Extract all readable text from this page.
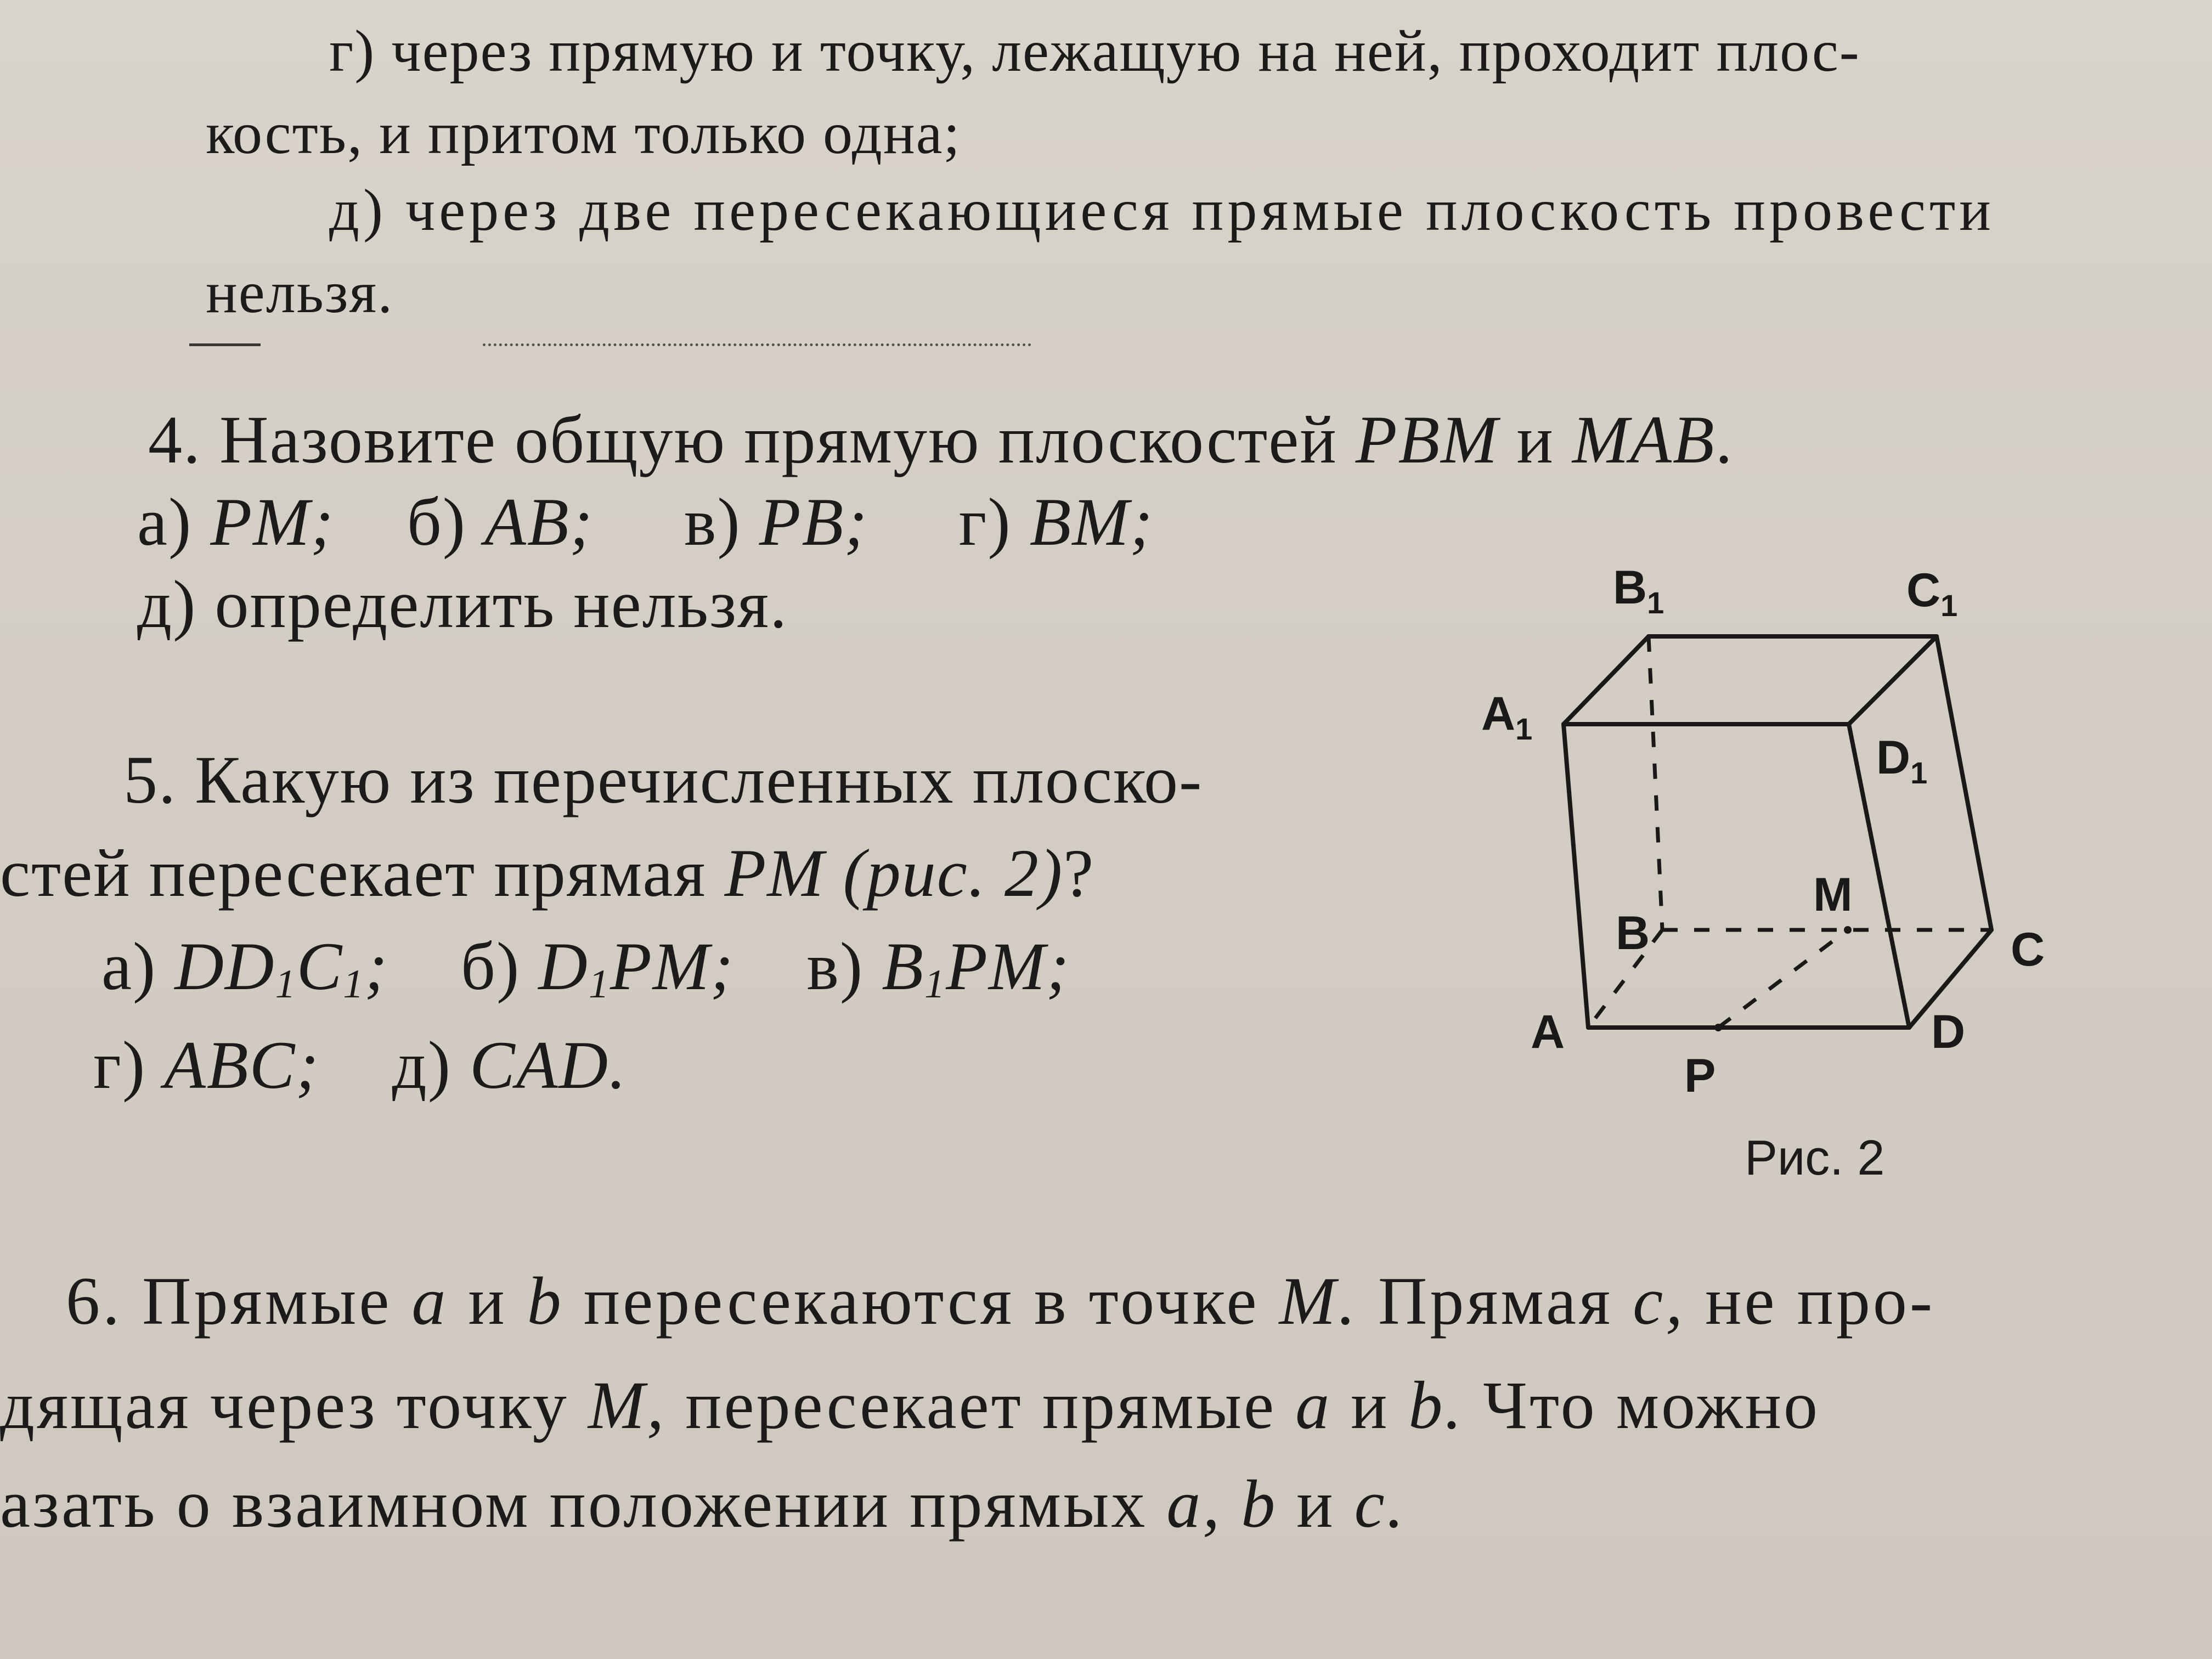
г) через прямую и точку, лежащую на ней, проходит плос-
кость, и притом только одна;
д) через две пересекающиеся прямые плоскость провести
нельзя.
4. Назовите общую прямую плоскостей PBM и MAB.
а) PM; б) AB; в) PB; г) BM;
д) определить нельзя.
5. Какую из перечисленных плоско-
стей пересекает прямая PM (рис. 2)?
а) DD1C1; б) D1PM; в) B1PM;
г) ABC; д) CAD.
$B_1$	$C_1$
$A_1$
$D_1$
B
M
C
A	D
P
Рис. 2
6. Прямые a и b пересекаются в точке M. Прямая c, не про-
дящая через точку M, пересекает прямые a и b. Что можно
азать о взаимном положении прямых a, b и c.
